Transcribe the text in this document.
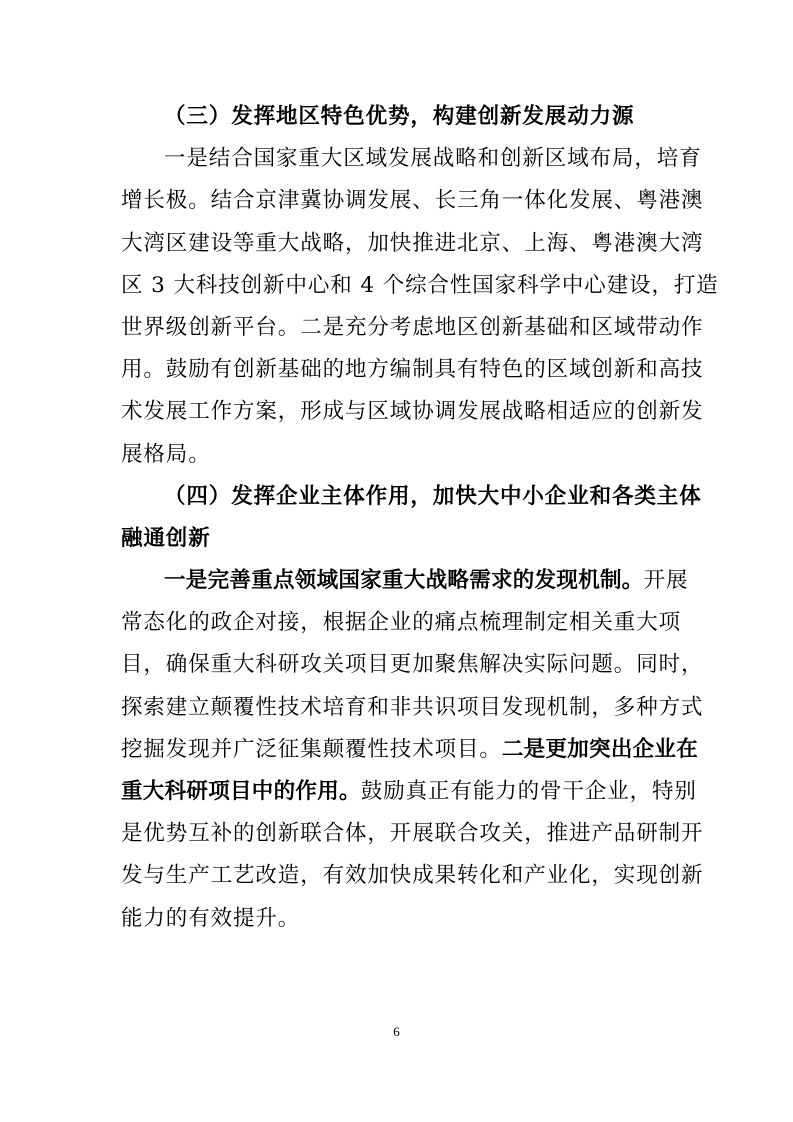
（三）发挥地区特色优势，构建创新发展动力源
一是结合国家重大区域发展战略和创新区域布局，培育
增长极。结合京津冀协调发展、长三角一体化发展、粤港澳
大湾区建设等重大战略，加快推进北京、上海、粤港澳大湾
区 3 大科技创新中心和 4 个综合性国家科学中心建设，打造
世界级创新平台。二是充分考虑地区创新基础和区域带动作
用。鼓励有创新基础的地方编制具有特色的区域创新和高技
术发展工作方案，形成与区域协调发展战略相适应的创新发
展格局。
（四）发挥企业主体作用，加快大中小企业和各类主体
融通创新
一是完善重点领域国家重大战略需求的发现机制。开展
常态化的政企对接，根据企业的痛点梳理制定相关重大项
目，确保重大科研攻关项目更加聚焦解决实际问题。同时，
探索建立颠覆性技术培育和非共识项目发现机制，多种方式
挖掘发现并广泛征集颠覆性技术项目。二是更加突出企业在
重大科研项目中的作用。鼓励真正有能力的骨干企业，特别
是优势互补的创新联合体，开展联合攻关，推进产品研制开
发与生产工艺改造，有效加快成果转化和产业化，实现创新
能力的有效提升。
6
